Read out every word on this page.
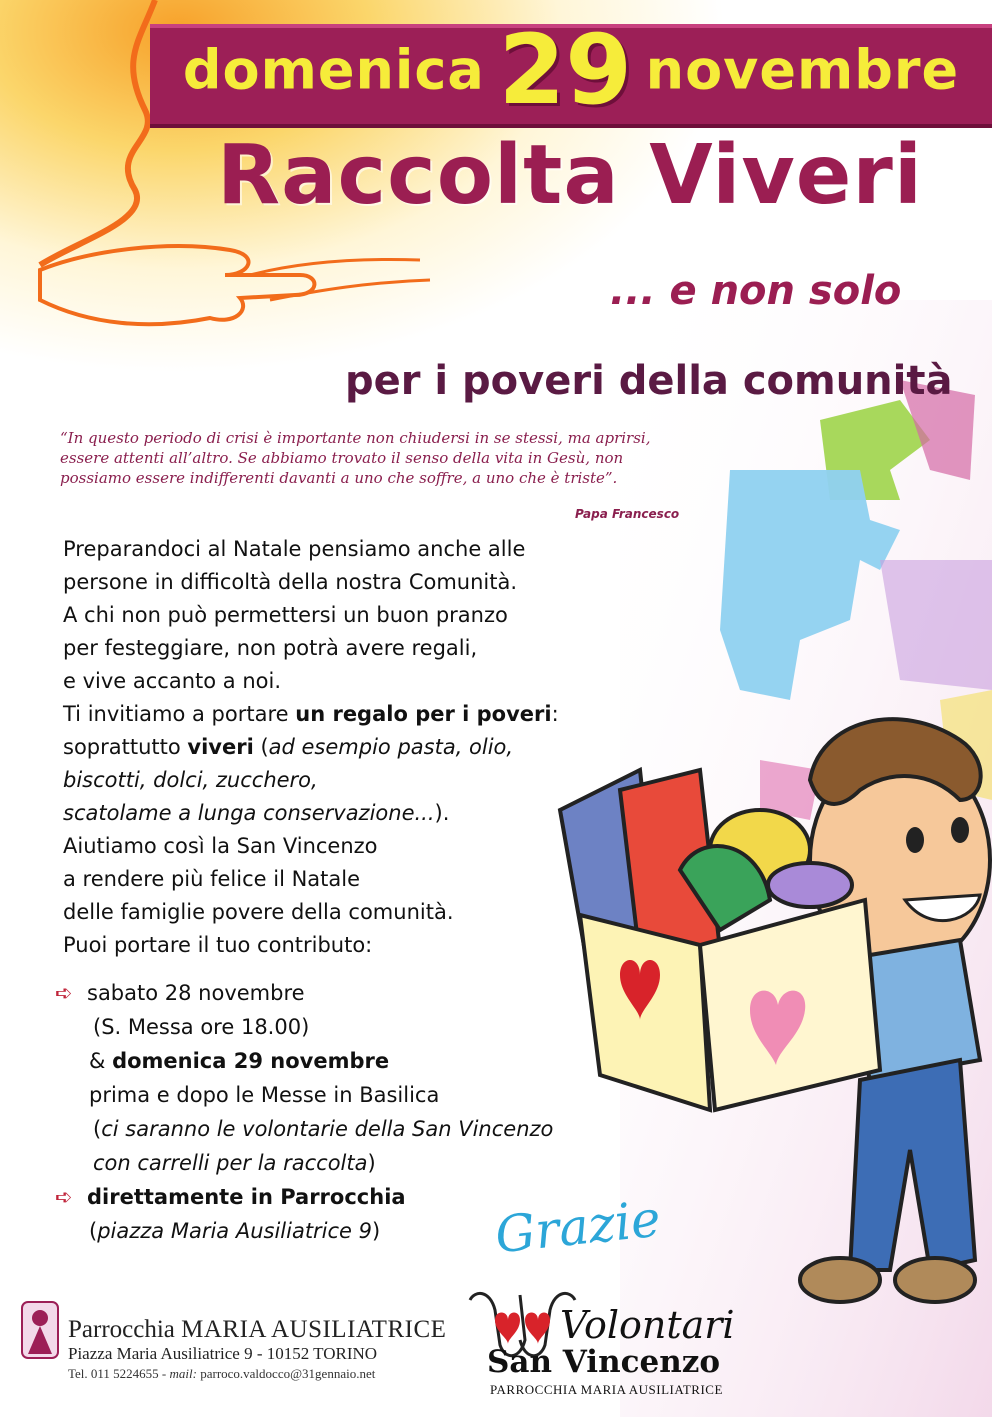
domenica 29 novembre
Raccolta Viveri
... e non solo
per i poveri della comunità
“In questo periodo di crisi è importante non chiudersi in se stessi, ma aprirsi,
essere attenti all’altro. Se abbiamo trovato il senso della vita in Gesù, non
possiamo essere indifferenti davanti a uno che soffre, a uno che è triste”.
Papa Francesco

Preparandoci al Natale pensiamo anche alle

persone in difficoltà della nostra Comunità.

A chi non può permettersi un buon pranzo

per festeggiare, non potrà avere regali,

e vive accanto a noi.

Ti invitiamo a portare un regalo per i poveri:

soprattutto viveri (ad esempio pasta, olio,

biscotti, dolci, zucchero,

scatolame a lunga conservazione...).

Aiutiamo così la San Vincenzo

a rendere più felice il Natale

delle famiglie povere della comunità.

Puoi portare il tuo contributo:

➪ sabato 28 novembre
(S. Messa ore 18.00)
& domenica 29 novembre
prima e dopo le Messe in Basilica
(ci saranno le volontarie della San Vincenzo
con carrelli per la raccolta)
➪ direttamente in Parrocchia
(piazza Maria Ausiliatrice 9)	Grazie
Parrocchia MARIA AUSILIATRICE
Piazza Maria Ausiliatrice 9 - 10152 TORINO
Tel. 011 5224655 - mail: parroco.valdocco@31gennaio.net
Volontari
San Vincenzo
PARROCCHIA MARIA AUSILIATRICE
